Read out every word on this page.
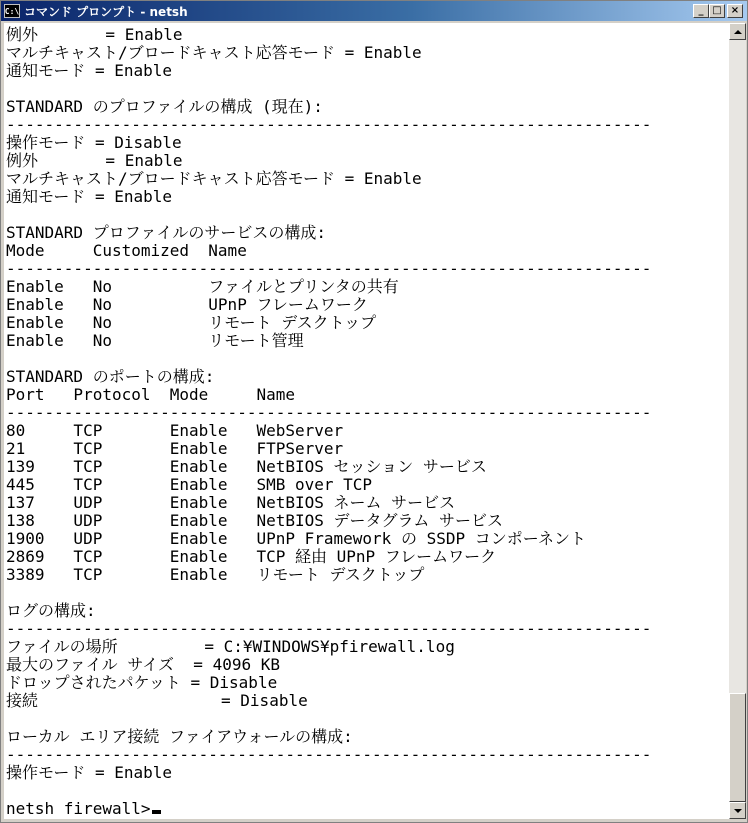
C:\ コマンド プロンプト - netsh	_ □ ×
例外       = Enable
マルチキャスト/ブロードキャスト応答モード = Enable
通知モード = Enable
STANDARD のプロファイルの構成 (現在):
-------------------------------------------------------------------
操作モード = Disable
例外       = Enable
マルチキャスト/ブロードキャスト応答モード = Enable
通知モード = Enable
STANDARD プロファイルのサービスの構成:
Mode     Customized  Name
-------------------------------------------------------------------
Enable   No          ファイルとプリンタの共有
Enable   No          UPnP フレームワーク
Enable   No          リモート デスクトップ
Enable   No          リモート管理
STANDARD のポートの構成:
Port   Protocol  Mode     Name
-------------------------------------------------------------------
80     TCP       Enable   WebServer
21     TCP       Enable   FTPServer
139    TCP       Enable   NetBIOS セッション サービス
445    TCP       Enable   SMB over TCP
137    UDP       Enable   NetBIOS ネーム サービス
138    UDP       Enable   NetBIOS データグラム サービス
1900   UDP       Enable   UPnP Framework の SSDP コンポーネント
2869   TCP       Enable   TCP 経由 UPnP フレームワーク
3389   TCP       Enable   リモート デスクトップ
ログの構成:
-------------------------------------------------------------------
ファイルの場所         = C:¥WINDOWS¥pfirewall.log
最大のファイル サイズ  = 4096 KB
ドロップされたパケット = Disable
接続                   = Disable
ローカル エリア接続 ファイアウォールの構成:
-------------------------------------------------------------------
操作モード = Enable
netsh firewall>
